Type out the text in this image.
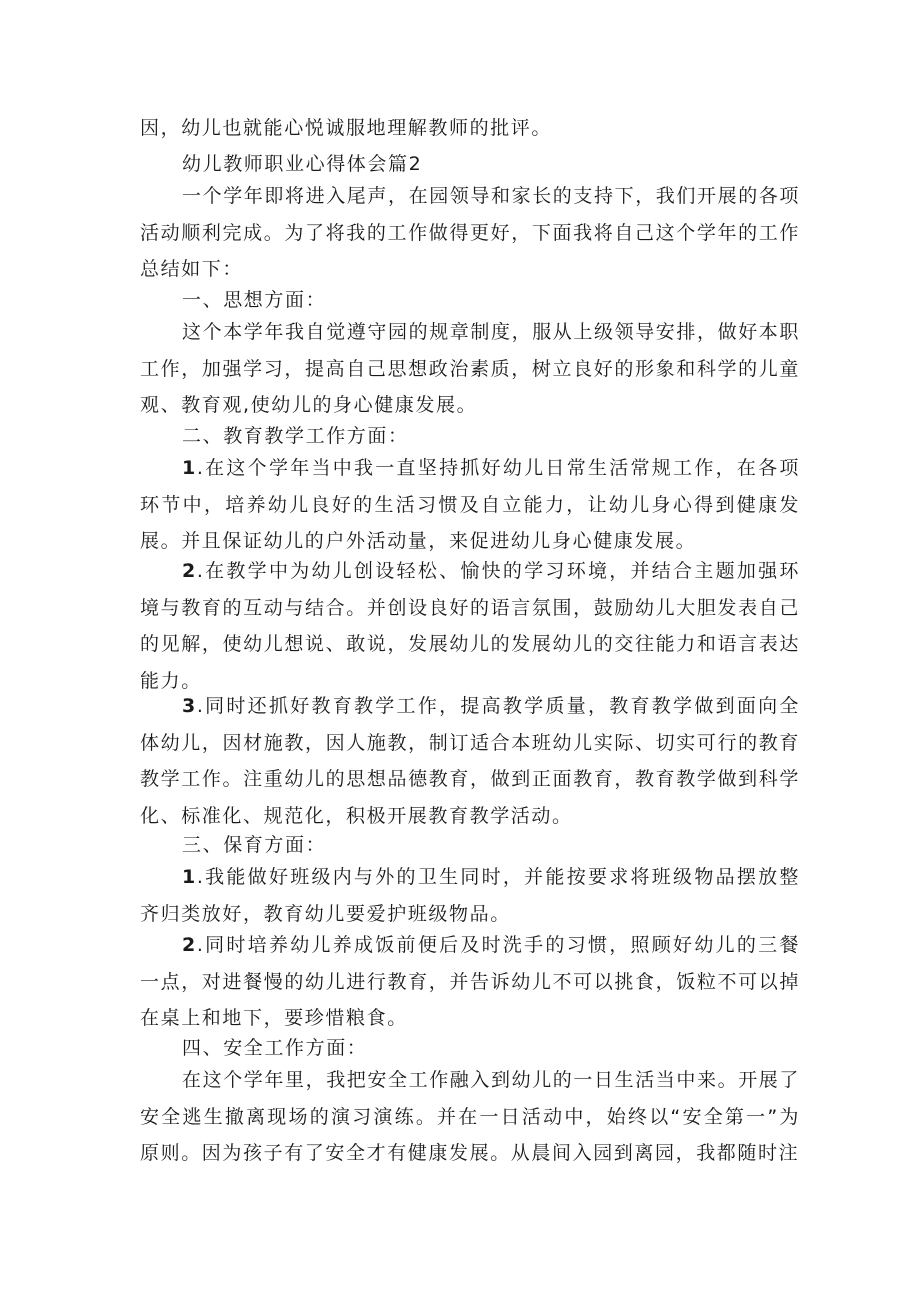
因，幼儿也就能心悦诚服地理解教师的批评。

幼儿教师职业心得体会篇2

一个学年即将进入尾声，在园领导和家长的支持下，我们开展的各项活动顺利完成。为了将我的工作做得更好，下面我将自己这个学年的工作总结如下：

一、思想方面：

这个本学年我自觉遵守园的规章制度，服从上级领导安排，做好本职工作，加强学习，提高自己思想政治素质，树立良好的形象和科学的儿童观、教育观,使幼儿的身心健康发展。

二、教育教学工作方面：

1.在这个学年当中我一直坚持抓好幼儿日常生活常规工作，在各项环节中，培养幼儿良好的生活习惯及自立能力，让幼儿身心得到健康发展。并且保证幼儿的户外活动量，来促进幼儿身心健康发展。

2.在教学中为幼儿创设轻松、愉快的学习环境，并结合主题加强环境与教育的互动与结合。并创设良好的语言氛围，鼓励幼儿大胆发表自己的见解，使幼儿想说、敢说，发展幼儿的发展幼儿的交往能力和语言表达能力。

3.同时还抓好教育教学工作，提高教学质量，教育教学做到面向全体幼儿，因材施教，因人施教，制订适合本班幼儿实际、切实可行的教育教学工作。注重幼儿的思想品德教育，做到正面教育，教育教学做到科学化、标准化、规范化，积极开展教育教学活动。

三、保育方面：

1.我能做好班级内与外的卫生同时，并能按要求将班级物品摆放整齐归类放好，教育幼儿要爱护班级物品。

2.同时培养幼儿养成饭前便后及时洗手的习惯，照顾好幼儿的三餐一点，对进餐慢的幼儿进行教育，并告诉幼儿不可以挑食，饭粒不可以掉在桌上和地下，要珍惜粮食。

四、安全工作方面：

在这个学年里，我把安全工作融入到幼儿的一日生活当中来。开展了安全逃生撤离现场的演习演练。并在一日活动中，始终以“安全第一”为原则。因为孩子有了安全才有健康发展。从晨间入园到离园，我都随时注
